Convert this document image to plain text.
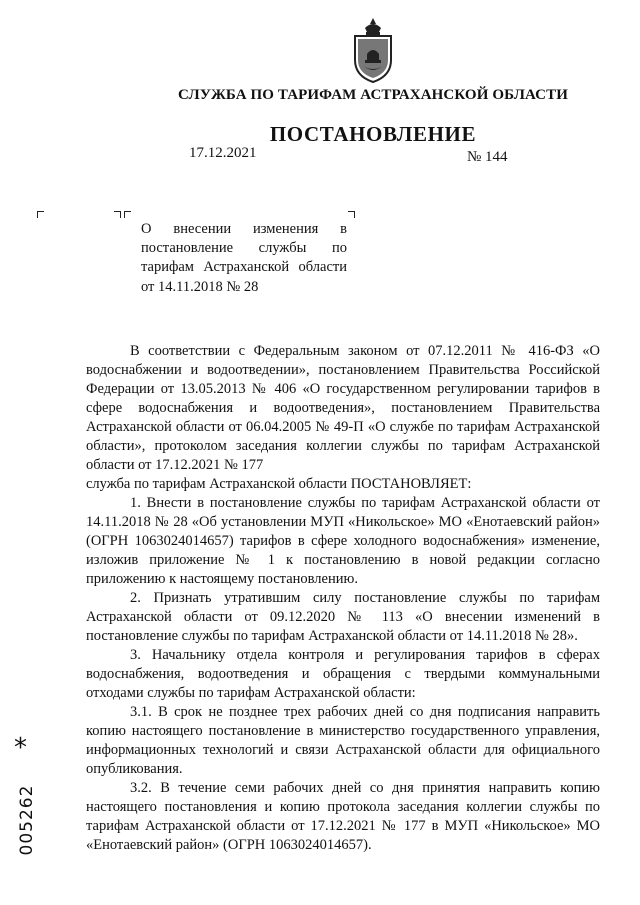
СЛУЖБА ПО ТАРИФАМ АСТРАХАНСКОЙ ОБЛАСТИ
ПОСТАНОВЛЕНИЕ
17.12.2021	№ 144
О внесении изменения в постановление службы по тарифам Астраханской области от 14.11.2018 № 28

В соответствии с Федеральным законом от 07.12.2011 № 416-ФЗ «О водоснабжении и водоотведении», постановлением Правительства Российской Федерации от 13.05.2013 № 406 «О государственном регулировании тарифов в сфере водоснабжения и водоотведения», постановлением Правительства Астраханской области от 06.04.2005 № 49-П «О службе по тарифам Астраханской области», протоколом заседания коллегии службы по тарифам Астраханской области от 17.12.2021 № 177

служба по тарифам Астраханской области ПОСТАНОВЛЯЕТ:

1. Внести в постановление службы по тарифам Астраханской области от 14.11.2018 № 28 «Об установлении МУП «Никольское» МО «Енотаевский район» (ОГРН 1063024014657) тарифов в сфере холодного водоснабжения» изменение, изложив приложение № 1 к постановлению в новой редакции согласно приложению к настоящему постановлению.

2. Признать утратившим силу постановление службы по тарифам Астраханской области от 09.12.2020 № 113 «О внесении изменений в постановление службы по тарифам Астраханской области от 14.11.2018 № 28».

3. Начальнику отдела контроля и регулирования тарифов в сферах водоснабжения, водоотведения и обращения с твердыми коммунальными отходами службы по тарифам Астраханской области:

3.1. В срок не позднее трех рабочих дней со дня подписания направить копию настоящего постановление в министерство государственного управления, информационных технологий и связи Астраханской области для официального опубликования.

3.2. В течение семи рабочих дней со дня принятия направить копию настоящего постановления и копию протокола заседания коллегии службы по тарифам Астраханской области от 17.12.2021 № 177 в МУП «Никольское» МО «Енотаевский район» (ОГРН 1063024014657).

*
005262
